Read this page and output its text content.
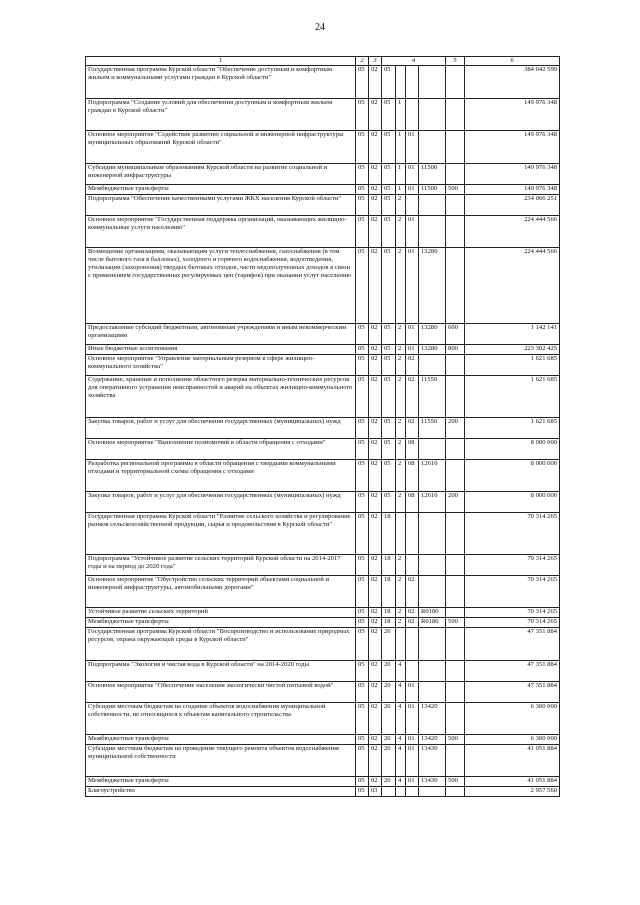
24
1	2	3	4				5	6
Государственная программа Курской области "Обеспечение доступным и комфортным жильем и коммунальными услугами граждан в Курской области"	05	02	05					384 042 599
Подпрограмма "Создание условий для обеспечения доступным и комфортным жильем граждан в Курской области"	05	02	05	1				149 976 348
Основное мероприятие "Содействие развитию социальной и инженерной инфраструктуры муниципальных образований Курской области"	05	02	05	1	01			149 976 348
Субсидии муниципальным образованиям Курской области на развитие социальной и инженерной инфраструктуры	05	02	05	1	01	11500		149 976 348
Межбюджетные трансферты	05	02	05	1	01	11500	500	149 976 348
Подпрограмма "Обеспечение качественными услугами ЖКХ населения Курской области"	05	02	05	2				234 066 251
Основное мероприятие "Государственная поддержка организаций, оказывающих жилищно-коммунальные услуги населению"	05	02	05	2	01			224 444 566
Возмещение организациям, оказывающим услуги теплоснабжения, газоснабжения (в том числе бытового газа в баллонах), холодного и горячего водоснабжения, водоотведения, утилизации (захоронения) твердых бытовых отходов, части недополученных доходов в связи с применением государственных регулируемых цен (тарифов) при оказании услуг населению	05	02	05	2	01	13280		224 444 566
Предоставление субсидий бюджетным, автономным учреждениям и иным некоммерческим организациям	05	02	05	2	01	13280	600	1 142 141
Иные бюджетные ассигнования	05	02	05	2	01	13280	800	223 302 425
Основное мероприятие "Управление материальным резервом в сфере жилищно-коммунального хозяйства"	05	02	05	2	02			1 621 685
Содержание, хранение и пополнение областного резерва материально-технических ресурсов для оперативного устранения неисправностей и аварий на объектах жилищно-коммунального хозяйства	05	02	05	2	02	11550		1 621 685
Закупка товаров, работ и услуг для обеспечения государственных (муниципальных) нужд	05	02	05	2	02	11550	200	1 621 685
Основное мероприятие "Выполнение полномочий в области обращения с отходами"	05	02	05	2	08			8 000 000
Разработка региональной программы в области обращения с твердыми коммунальными отходами и территориальной схемы обращения с отходами	05	02	05	2	08	12610		8 000 000
Закупка товаров, работ и услуг для обеспечения государственных (муниципальных) нужд	05	02	05	2	08	12610	200	8 000 000
Государственная программа Курской области "Развитие сельского хозяйства и регулирование рынков сельскохозяйственной продукции, сырья и продовольствия в Курской области"	05	02	18					70 314 265
Подпрограмма "Устойчивое развитие сельских территорий Курской области на 2014-2017 годы и на период до 2020 года"	05	02	18	2				70 314 265
Основное мероприятие "Обустройство сельских территорий объектами социальной и инженерной инфраструктуры, автомобильными дорогами"	05	02	18	2	02			70 314 265
Устойчивое развитие сельских территорий	05	02	18	2	02	R0180		70 314 265
Межбюджетные трансферты	05	02	18	2	02	R0180	500	70 314 265
Государственная программа Курской области "Воспроизводство и использование природных ресурсов, охрана окружающей среды в Курской области"	05	02	20					47 351 884
Подпрограмма "Экология и чистая вода в Курской области" на 2014-2020 годы	05	02	20	4				47 351 884
Основное мероприятие "Обеспечение населения экологически чистой питьевой водой"	05	02	20	4	01			47 351 884
Субсидии местным бюджетам на создание объектов водоснабжения муниципальной собственности, не относящихся к объектам капитального строительства	05	02	20	4	01	13420		6 300 000
Межбюджетные трансферты	05	02	20	4	01	13420	500	6 300 000
Субсидии местным бюджетам на проведение текущего ремонта объектов водоснабжения муниципальной собственности	05	02	20	4	01	13430		41 051 884
Межбюджетные трансферты	05	02	20	4	01	13430	500	41 051 884
Благоустройство	05	03						2 957 560
